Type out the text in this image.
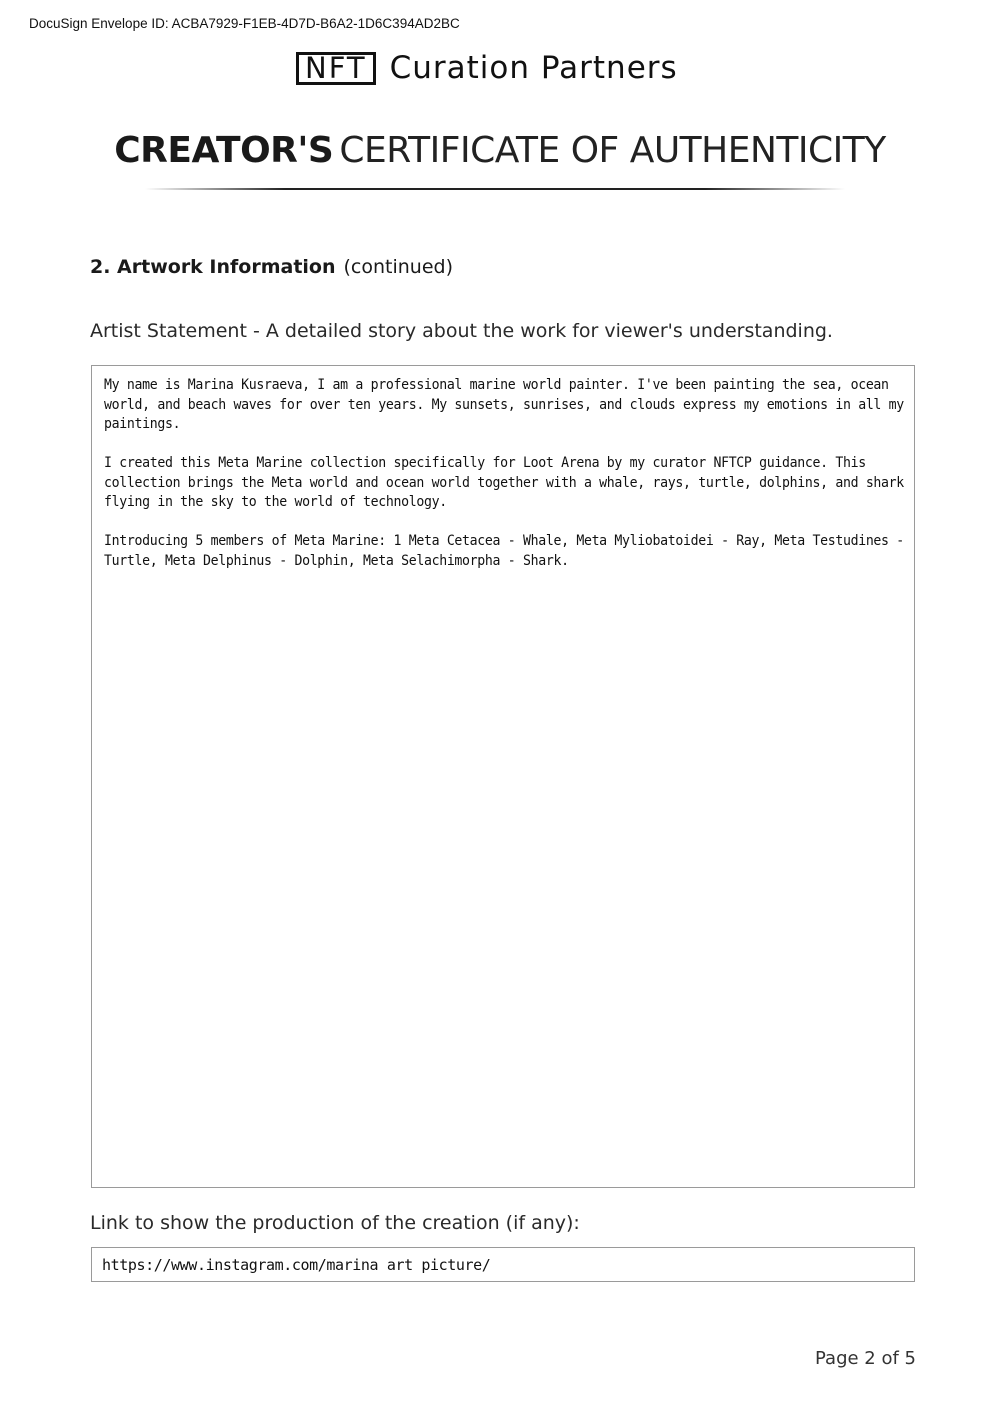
DocuSign Envelope ID: ACBA7929-F1EB-4D7D-B6A2-1D6C394AD2BC
NFT Curation Partners
CREATOR'S CERTIFICATE OF AUTHENTICITY
2. Artwork Information (continued)
Artist Statement - A detailed story about the work for viewer's understanding.

My name is Marina Kusraeva, I am a professional marine world painter. I've been painting the sea, ocean world, and beach waves for over ten years. My sunsets, sunrises, and clouds express my emotions in all my paintings.

I created this Meta Marine collection specifically for Loot Arena by my curator NFTCP guidance. This collection brings the Meta world and ocean world together with a whale, rays, turtle, dolphins, and shark flying in the sky to the world of technology.

Introducing 5 members of Meta Marine: 1 Meta Cetacea - Whale, Meta Myliobatoidei - Ray, Meta Testudines - Turtle, Meta Delphinus - Dolphin, Meta Selachimorpha - Shark.

Link to show the production of the creation (if any):
https://www.instagram.com/marina art picture/
Page 2 of 5
